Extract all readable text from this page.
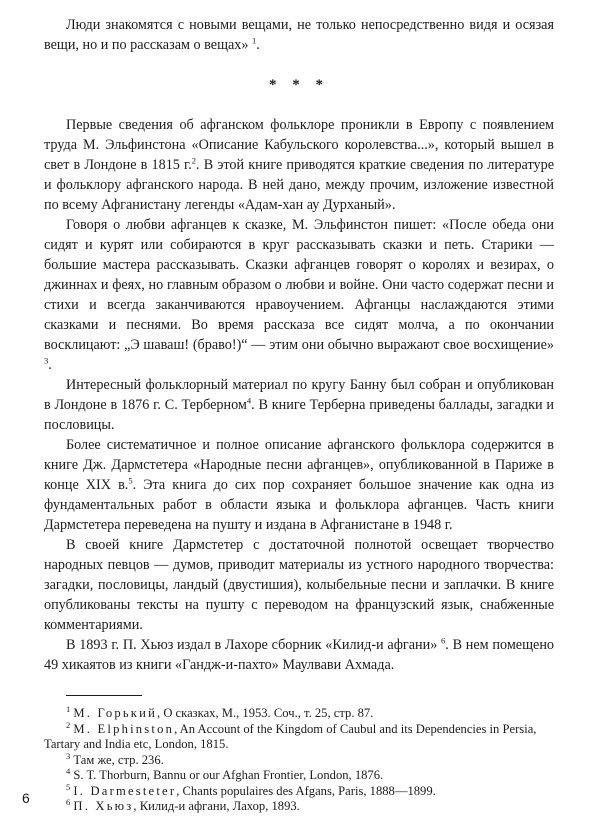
Люди знакомятся с новыми вещами, не только непосредственно видя и осязая вещи, но и по рассказам о вещах» $^1$.

* * *

Первые сведения об афганском фольклоре проникли в Европу с появлением труда М. Эльфинстона «Описание Кабульского королевства...», который вышел в свет в Лондоне в 1815 г.$^2$. В этой книге приводятся краткие сведения по литературе и фольклору афганского народа. В ней дано, между прочим, изложение известной по всему Афганистану легенды «Адам-хан ау Дурханый».

Говоря о любви афганцев к сказке, М. Эльфинстон пишет: «После обеда они сидят и курят или собираются в круг рассказывать сказки и петь. Старики — большие мастера рассказывать. Сказки афганцев говорят о королях и везирах, о джиннах и феях, но главным образом о любви и войне. Они часто содержат песни и стихи и всегда заканчиваются нравоучением. Афганцы наслаждаются этими сказками и песнями. Во время рассказа все сидят молча, а по окончании восклицают: „Э шаваш! (браво!)“ — этим они обычно выражают свое восхищение» $^3$.

Интересный фольклорный материал по кругу Банну был собран и опубликован в Лондоне в 1876 г. С. Терберном$^4$. В книге Терберна приведены баллады, загадки и пословицы.

Более систематичное и полное описание афганского фольклора содержится в книге Дж. Дармстетера «Народные песни афганцев», опубликованной в Париже в конце XIX в.$^5$. Эта книга до сих пор сохраняет большое значение как одна из фундаментальных работ в области языка и фольклора афганцев. Часть книги Дармстетера переведена на пушту и издана в Афганистане в 1948 г.

В своей книге Дармстетер с достаточной полнотой освещает творчество народных певцов — думов, приводит материалы из устного народного творчества: загадки, пословицы, ландый (двустишия), колыбельные песни и заплачки. В книге опубликованы тексты на пушту с переводом на французский язык, снабженные комментариями.

В 1893 г. П. Хьюз издал в Лахоре сборник «Килид-и афгани» $^6$. В нем помещено 49 хикаятов из книги «Гандж-и-пахто» Маулвави Ахмада.

$^1$ М. Горький, О сказках, М., 1953. Соч., т. 25, стр. 87.

$^2$ M. Elphinston, An Account of the Kingdom of Caubul and its Dependencies in Persia, Tartary and India etc, London, 1815.

$^3$ Там же, стр. 236.

$^4$ S. T. Thorburn, Bannu or our Afghan Frontier, London, 1876.

$^5$ I. Darmesteter, Chants populaires des Afgans, Paris, 1888—1899.

$^6$ П. Хьюз, Килид-и афгани, Лахор, 1893.

6
